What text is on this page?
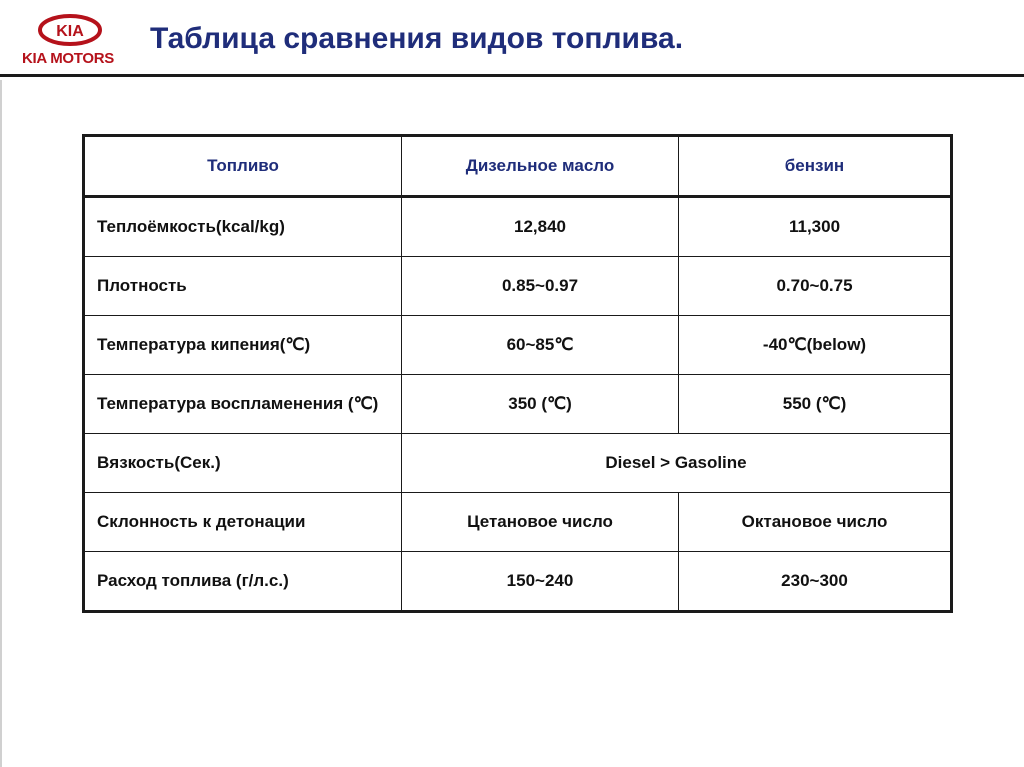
KIA
KIA MOTORS
Таблица сравнения видов топлива.
Топливо	Дизельное масло	бензин
Теплоёмкость(kcal/kg)	12,840	11,300
Плотность	0.85~0.97	0.70~0.75
Температура кипения(℃)	60~85℃	-40℃(below)
Температура воспламенения (℃)	350 (℃)	550 (℃)
Вязкость(Сек.)	Diesel > Gasoline	
Склонность к детонации	Цетановое число	Октановое число
Расход топлива (г/л.с.)	150~240	230~300
